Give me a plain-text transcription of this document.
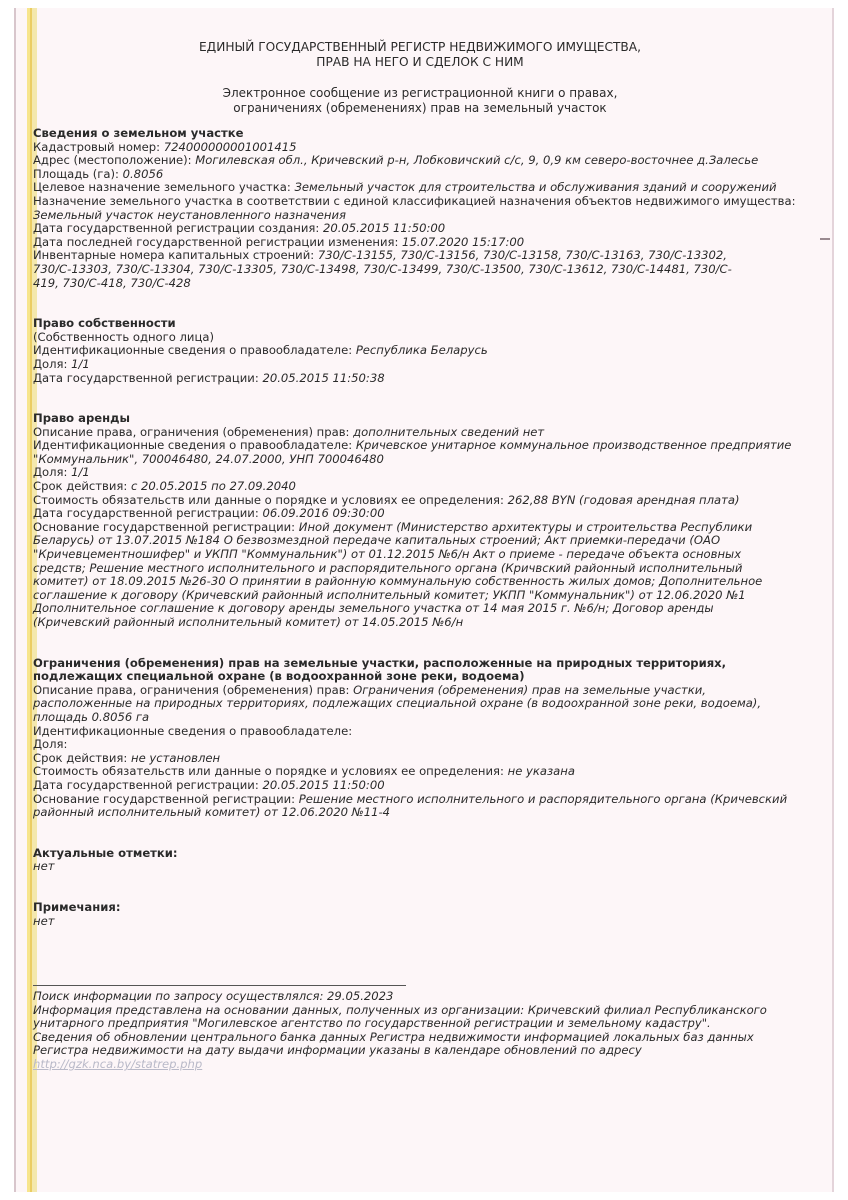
ЕДИНЫЙ ГОСУДАРСТВЕННЫЙ РЕГИСТР НЕДВИЖИМОГО ИМУЩЕСТВА,
ПРАВ НА НЕГО И СДЕЛОК С НИМ
Электронное сообщение из регистрационной книги о правах,
ограничениях (обременениях) прав на земельный участок
Сведения о земельном участке
Кадастровый номер: 724000000001001415
Адрес (местоположение): Могилевская обл., Кричевский р-н, Лобковичский с/с, 9, 0,9 км северо-восточнее д.Залесье
Площадь (га): 0.8056
Целевое назначение земельного участка: Земельный участок для строительства и обслуживания зданий и сооружений
Назначение земельного участка в соответствии с единой классификацией назначения объектов недвижимого имущества:
Земельный участок неустановленного назначения
Дата государственной регистрации создания: 20.05.2015 11:50:00
Дата последней государственной регистрации изменения: 15.07.2020 15:17:00
Инвентарные номера капитальных строений: 730/С-13155, 730/С-13156, 730/С-13158, 730/С-13163, 730/С-13302,
730/С-13303, 730/С-13304, 730/С-13305, 730/С-13498, 730/С-13499, 730/С-13500, 730/С-13612, 730/С-14481, 730/С-
419, 730/С-418, 730/С-428
Право собственности
(Собственность одного лица)
Идентификационные сведения о правообладателе: Республика Беларусь
Доля: 1/1
Дата государственной регистрации: 20.05.2015 11:50:38
Право аренды
Описание права, ограничения (обременения) прав: дополнительных сведений нет
Идентификационные сведения о правообладателе: Кричевское унитарное коммунальное производственное предприятие
"Коммунальник", 700046480, 24.07.2000, УНП 700046480
Доля: 1/1
Срок действия: с 20.05.2015 по 27.09.2040
Стоимость обязательств или данные о порядке и условиях ее определения: 262,88 BYN (годовая арендная плата)
Дата государственной регистрации: 06.09.2016 09:30:00
Основание государственной регистрации: Иной документ (Министерство архитектуры и строительства Республики
Беларусь) от 13.07.2015 №184 О безвозмездной передаче капитальных строений; Акт приемки-передачи (ОАО
"Кричевцементношифер" и УКПП "Коммунальник") от 01.12.2015 №6/н Акт о приеме - передаче объекта основных
средств; Решение местного исполнительного и распорядительного органа (Кричвский районный исполнительный
комитет) от 18.09.2015 №26-30 О принятии в районную коммунальную собственность жилых домов; Дополнительное
соглашение к договору (Кричевский районный исполнительный комитет; УКПП "Коммунальник") от 12.06.2020 №1
Дополнительное соглашение к договору аренды земельного участка от 14 мая 2015 г. №6/н; Договор аренды
(Кричевский районный исполнительный комитет) от 14.05.2015 №6/н
Ограничения (обременения) прав на земельные участки, расположенные на природных территориях,
подлежащих специальной охране (в водоохранной зоне реки, водоема)
Описание права, ограничения (обременения) прав: Ограничения (обременения) прав на земельные участки,
расположенные на природных территориях, подлежащих специальной охране (в водоохранной зоне реки, водоема),
площадь 0.8056 га
Идентификационные сведения о правообладателе:
Доля:
Срок действия: не установлен
Стоимость обязательств или данные о порядке и условиях ее определения: не указана
Дата государственной регистрации: 20.05.2015 11:50:00
Основание государственной регистрации: Решение местного исполнительного и распорядительного органа (Кричевский
районный исполнительный комитет) от 12.06.2020 №11-4
Актуальные отметки:
нет
Примечания:
нет
Поиск информации по запросу осуществлялся: 29.05.2023
Информация представлена на основании данных, полученных из организации: Кричевский филиал Республиканского
унитарного предприятия "Могилевское агентство по государственной регистрации и земельному кадастру".
Сведения об обновлении центрального банка данных Регистра недвижимости информацией локальных баз данных
Регистра недвижимости на дату выдачи информации указаны в календаре обновлений по адресу
http://gzk.nca.by/statrep.php
